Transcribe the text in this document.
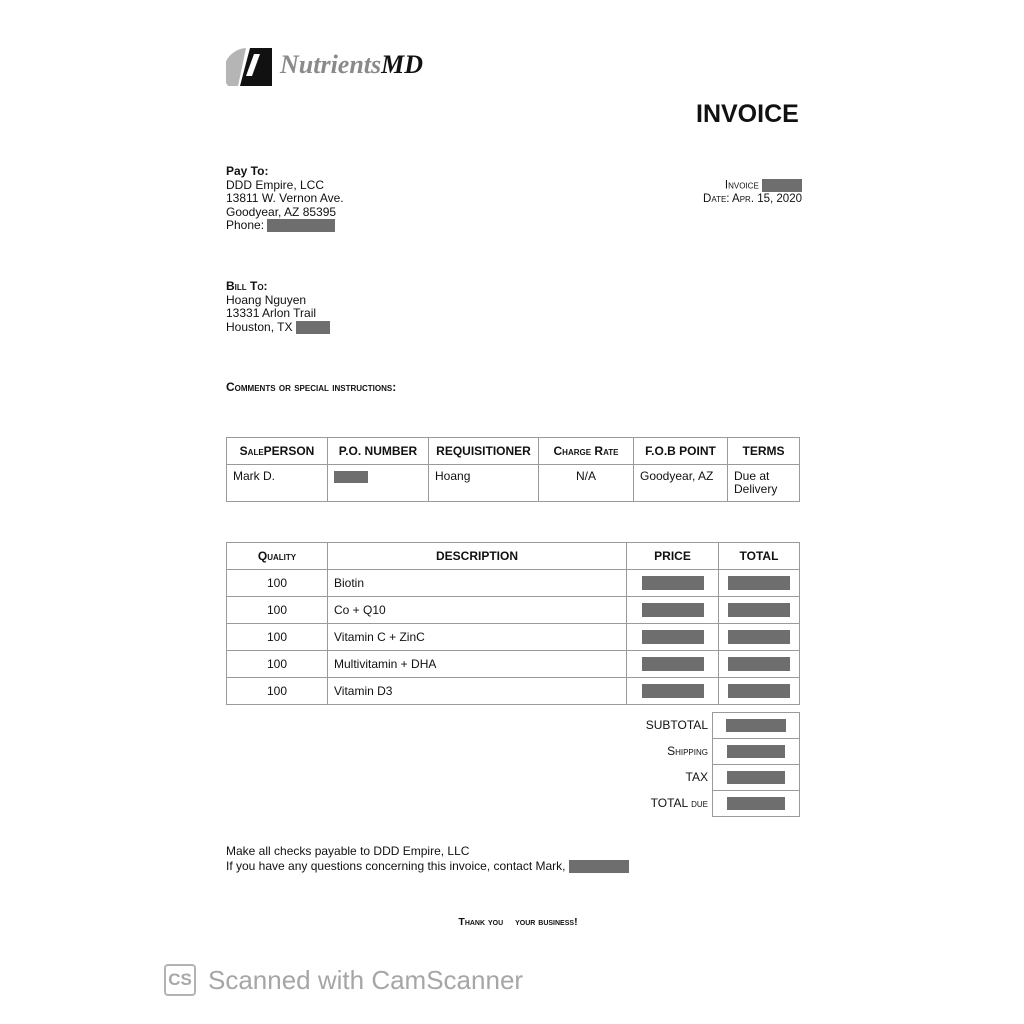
NutrientsMD
INVOICE
Invoice
Date: Apr. 15, 2020
Pay To:
DDD Empire, LCC
13811 W. Vernon Ave.
Goodyear, AZ 85395
Phone:
Bill To:
Hoang Nguyen
13331 Arlon Trail
Houston, TX
Comments or special instructions:
SalePERSON	P.O. NUMBER	REQUISITIONER	Charge Rate	F.O.B POINT	TERMS
Mark D.		Hoang	N/A	Goodyear, AZ	Due at
Delivery
Quality	DESCRIPTION	PRICE	TOTAL
100	Biotin		
100	Co + Q10		
100	Vitamin C + ZinC		
100	Multivitamin + DHA		
100	Vitamin D3		
SUBTOTAL
Shipping
TAX
TOTAL due
Make all checks payable to DDD Empire, LLC
If you have any questions concerning this invoice, contact Mark,
Thank you your business!
CS Scanned with CamScanner
